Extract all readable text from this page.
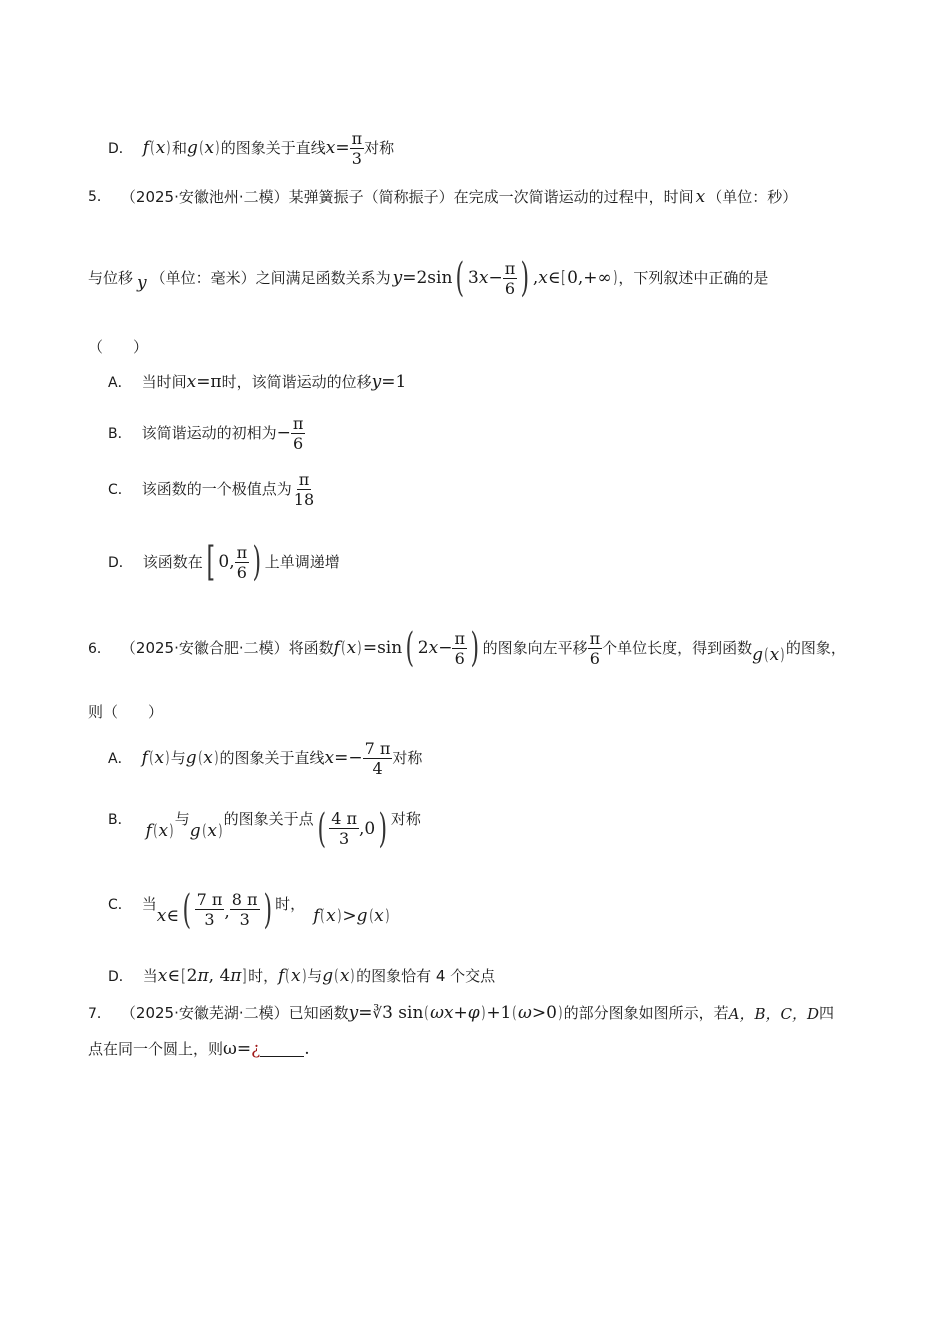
D． f ( x ) 和 g ( x ) 的图象关于直线 $x = \frac{\pi}{3}$ 对称
5． （2025·安徽池州·二模） 某弹簧振子（简称振子）在完成一次简谐运动的过程中，时间 x （单位：秒）
与位移 y （单位：毫米）之间满足函数关系为 y =2sin ( 3 $x - \frac{\pi}{6}$ ) , x ∈ [ 0,+∞ ) ，下列叙述中正确的是
（　　）
A． 当时间 x =π 时，该简谐运动的位移 y =1
B． 该简谐运动的初相为 − $\frac{\pi}{6}$
C． 该函数的一个极值点为 $\frac{\pi}{18}$
D． 该函数在 [ 0, $\frac{\pi}{6}$ ) 上单调递增
6． （2025·安徽合肥·二模） 将函数 f ( x ) =sin ( 2 $x - \frac{\pi}{6}$ ) 的图象向左平移 $\frac{\pi}{6}$ 个单位长度，得到函数 g ( x ) 的图象，
则（　　）
A． f ( x ) 与 g ( x ) 的图象关于直线 $x =- \frac{7 \pi}{4}$ 对称
B．
f ( x )
与
g ( x )
的图象关于点 ( $\frac{4 \pi}{3} ,0$ ) 对称
C． 当
x ∈ ( $\frac{7 \pi}{3}$ , $\frac{8 \pi}{3}$ ) 时，
f ( x ) > g ( x )
D． 当 x ∈ [ 2 π , 4 π ] 时， f ( x ) 与 g ( x ) 的图象恰有 4 个交点
7． （2025·安徽芜湖·二模） 已知函数 y = ∛ 3 sin ( ωx + φ ) +1 ( ω >0 ) 的部分图象如图所示，若 A，B，C，D 四
点在同一个圆上，则 ω= ¿	.
